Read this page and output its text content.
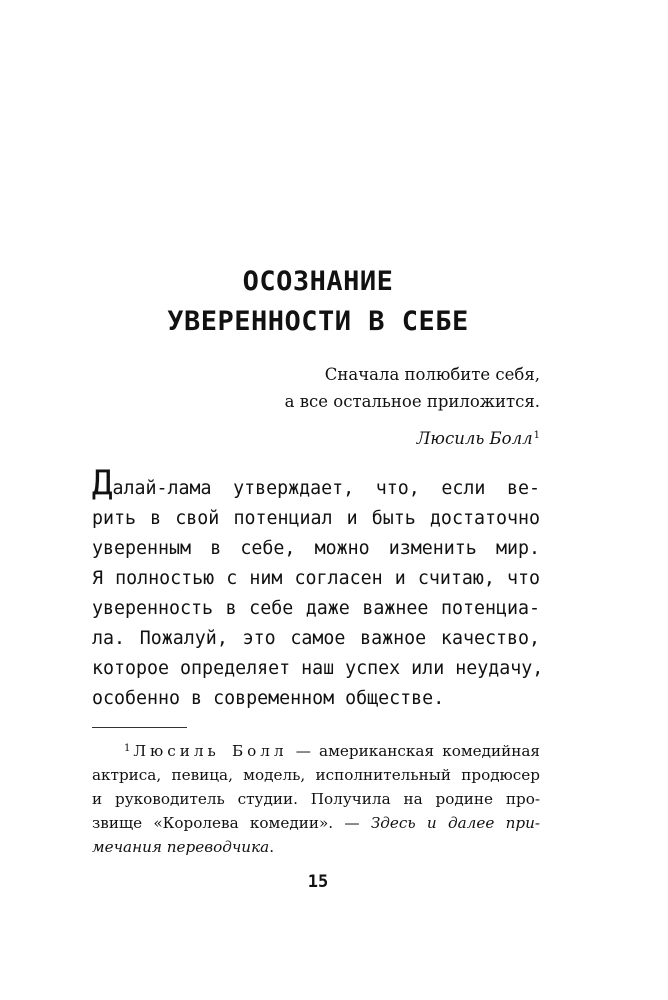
ОСОЗНАНИЕ
УВЕРЕННОСТИ В СЕБЕ
Сначала полюбите себя,
а все остальное приложится.
Люсиль Болл$^1$
Далай-лама утверждает, что, если ве-
рить в свой потенциал и быть достаточно
уверенным в себе, можно изменить мир.
Я полностью с ним согласен и считаю, что
уверенность в себе даже важнее потенциа-
ла. Пожалуй, это самое важное качество,
которое определяет наш успех или неудачу,
особенно в современном обществе.
$^1$ Люсиль Болл — американская комедийная
актриса, певица, модель, исполнительный продюсер
и руководитель студии. Получила на родине про-
звище «Королева комедии». — Здесь и далее при-
мечания переводчика.
15
